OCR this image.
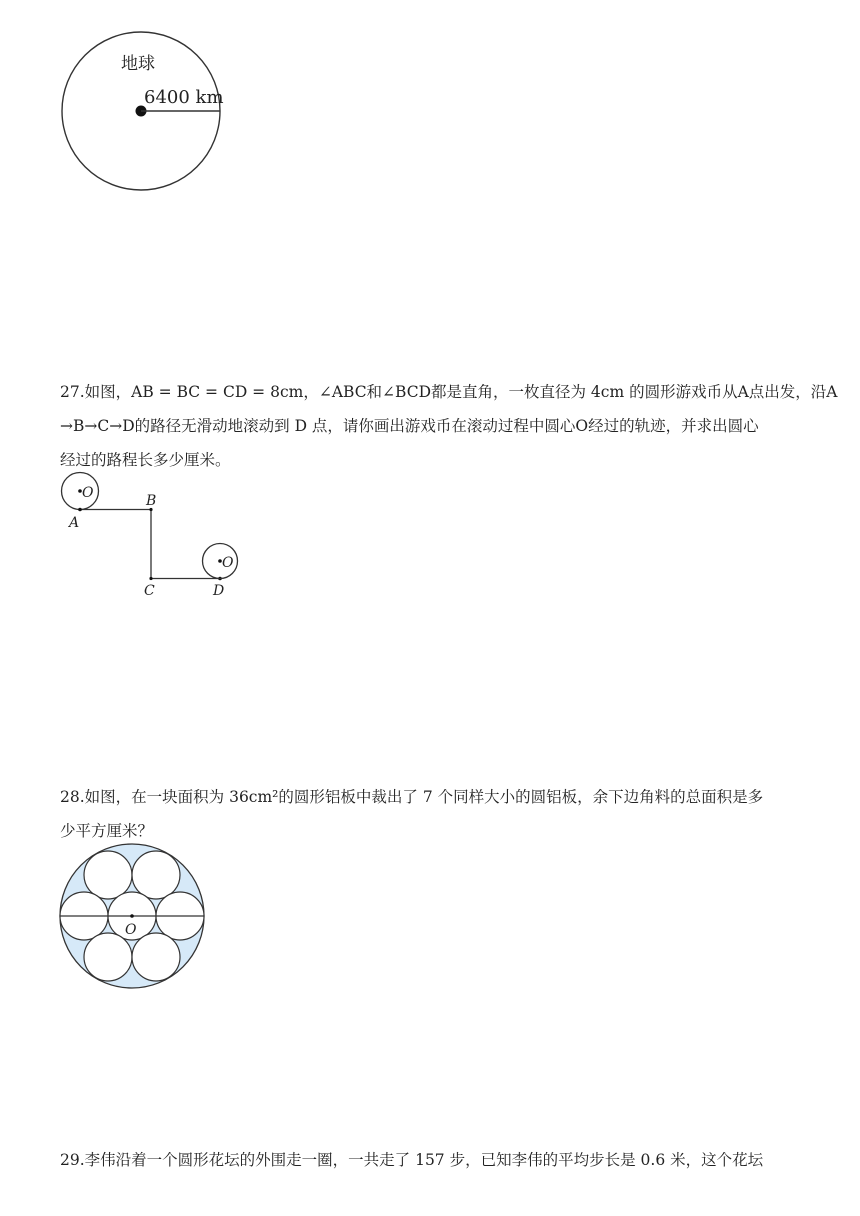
地球
6400 km
27.如图，AB = BC = CD = 8cm，∠ABC和∠BCD都是直角，一枚直径为 4cm 的圆形游戏币从A点出发，沿A
→B→C→D的路径无滑动地滚动到 D 点，请你画出游戏币在滚动过程中圆心O经过的轨迹，并求出圆心
经过的路程长多少厘米。
O
A
B
C	D
O
28.如图，在一块面积为 36cm²的圆形铝板中裁出了 7 个同样大小的圆铝板，余下边角料的总面积是多
少平方厘米？
O
29.李伟沿着一个圆形花坛的外围走一圈，一共走了 157 步，已知李伟的平均步长是 0.6 米，这个花坛
